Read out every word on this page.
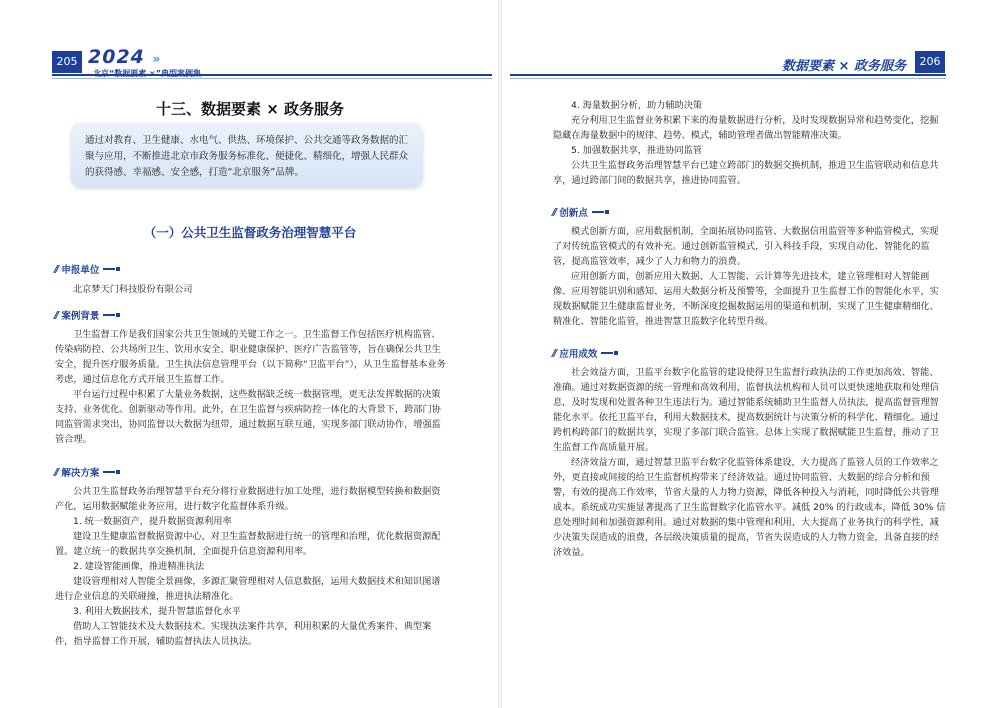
205 2024 »
十三、数据要素 × 政务服务
通过对教育、卫生健康、水电气、供热、环境保护、公共交通等政务数据的汇聚与应用，不断推进北京市政务服务标准化、便捷化、精细化，增强人民群众的获得感、幸福感、安全感，打造“北京服务”品牌。
（一）公共卫生监督政务治理智慧平台
// 申报单位
北京梦天门科技股份有限公司
// 案例背景

卫生监督工作是我们国家公共卫生领域的关键工作之一。卫生监督工作包括医疗机构监管、传染病防控、公共场所卫生、饮用水安全、职业健康保护、医疗广告监管等，旨在确保公共卫生安全，提升医疗服务质量。卫生执法信息管理平台（以下简称“卫监平台”），从卫生监督基本业务考虑，通过信息化方式开展卫生监督工作。

平台运行过程中积累了大量业务数据，这些数据缺乏统一数据管理，更无法发挥数据的决策支持、业务优化、创新驱动等作用。此外，在卫生监督与疾病防控一体化的大背景下，跨部门协同监管需求突出，协同监督以大数据为纽带，通过数据互联互通，实现多部门联动协作，增强监管合理。

// 解决方案

公共卫生监督政务治理智慧平台充分将行业数据进行加工处理，进行数据模型转换和数据资产化，运用数据赋能业务应用，进行数字化监督体系升级。

1. 统一数据资产，提升数据资源利用率

建设卫生健康监督数据资源中心，对卫生监督数据进行统一的管理和治理，优化数据资源配置。建立统一的数据共享交换机制，全面提升信息资源利用率。

2. 建设智能画像，推进精准执法

建设管理相对人智能全景画像，多源汇聚管理相对人信息数据，运用大数据技术和知识图谱进行企业信息的关联碰撞，推进执法精准化。

3. 利用大数据技术，提升智慧监督化水平

借助人工智能技术及大数据技术。实现执法案件共享，利用积累的大量优秀案件、典型案件，指导监督工作开展，辅助监督执法人员执法。

数据要素 × 政务服务	206

4. 海量数据分析，助力辅助决策

充分利用卫生监督业务积累下来的海量数据进行分析，及时发现数据异常和趋势变化，挖掘隐藏在海量数据中的规律、趋势、模式，辅助管理者做出智能精准决策。

5. 加强数据共享，推进协同监管

公共卫生监督政务治理智慧平台已建立跨部门的数据交换机制，推进卫生监管联动和信息共享，通过跨部门间的数据共享，推进协同监管。

// 创新点

模式创新方面，应用数据机制，全面拓展协同监管、大数据信用监管等多种监管模式，实现了对传统监管模式的有效补充。通过创新监管模式，引入科技手段，实现自动化、智能化的监管，提高监管效率，减少了人力和物力的浪费。

应用创新方面，创新应用大数据、人工智能、云计算等先进技术，建立管理相对人智能画像、应用智能识别和感知、运用大数据分析及预警等，全面提升卫生监督工作的智能化水平，实现数据赋能卫生健康监督业务，不断深度挖掘数据运用的渠道和机制，实现了卫生健康精细化、精准化、智能化监管，推进智慧卫监数字化转型升级。

// 应用成效

社会效益方面，卫监平台数字化监管的建设使得卫生监督行政执法的工作更加高效、智能、准确。通过对数据资源的统一管理和高效利用，监督执法机构和人员可以更快速地获取和处理信息，及时发现和处置各种卫生违法行为。通过智能系统辅助卫生监督人员执法，提高监督管理智能化水平。依托卫监平台，利用大数据技术，提高数据统计与决策分析的科学化、精细化。通过跨机构跨部门的数据共享，实现了多部门联合监管。总体上实现了数据赋能卫生监督，推动了卫生监督工作高质量开展。

经济效益方面，通过智慧卫监平台数字化监管体系建设，大力提高了监管人员的工作效率之外，更直接或间接的给卫生监督机构带来了经济效益。通过协同监管、大数据的综合分析和预警，有效的提高工作效率，节省大量的人力物力资源，降低各种投入与消耗，同时降低公共管理成本。系统成功实施显著提高了卫生监督数字化监管水平。减低 20% 的行政成本，降低 30% 信息处理时间和加强资源利用。通过对数据的集中管理和利用，大大提高了业务执行的科学性，减少决策失误造成的浪费，各层级决策质量的提高，节省失误造成的人力物力资金，具备直接的经济效益。
